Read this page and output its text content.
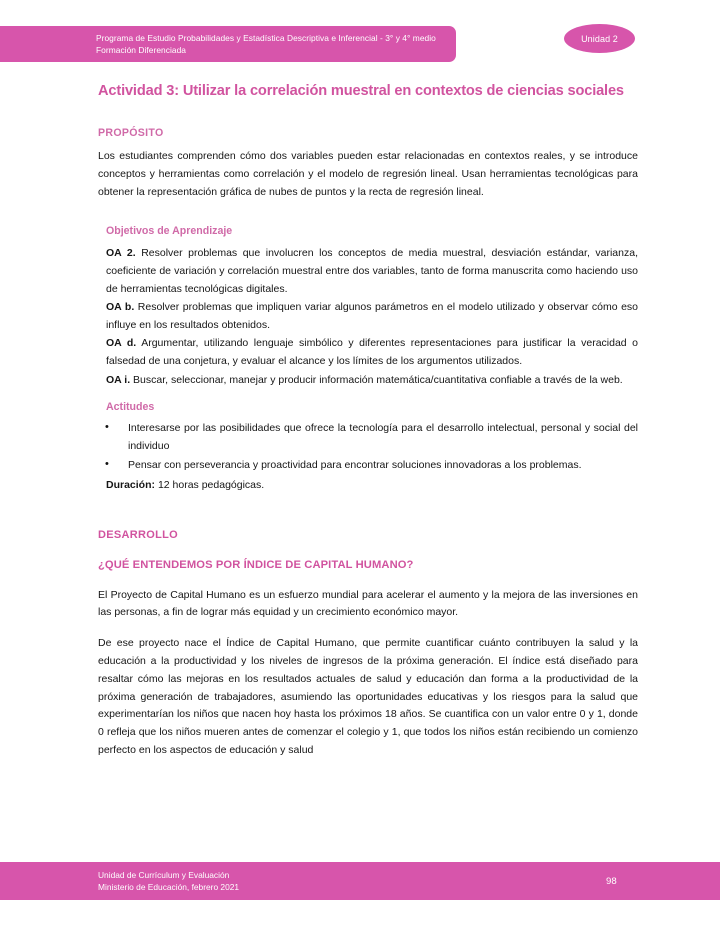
Programa de Estudio Probabilidades y Estadística Descriptiva e Inferencial - 3° y 4° medio
Formación Diferenciada
Unidad 2
Actividad 3: Utilizar la correlación muestral en contextos de ciencias sociales
PROPÓSITO

Los estudiantes comprenden cómo dos variables pueden estar relacionadas en contextos reales, y se introduce conceptos y herramientas como correlación y el modelo de regresión lineal. Usan herramientas tecnológicas para obtener la representación gráfica de nubes de puntos y la recta de regresión lineal.

Objetivos de Aprendizaje

OA 2. Resolver problemas que involucren los conceptos de media muestral, desviación estándar, varianza, coeficiente de variación y correlación muestral entre dos variables, tanto de forma manuscrita como haciendo uso de herramientas tecnológicas digitales.

OA b. Resolver problemas que impliquen variar algunos parámetros en el modelo utilizado y observar cómo eso influye en los resultados obtenidos.

OA d. Argumentar, utilizando lenguaje simbólico y diferentes representaciones para justificar la veracidad o falsedad de una conjetura, y evaluar el alcance y los límites de los argumentos utilizados.

OA i. Buscar, seleccionar, manejar y producir información matemática/cuantitativa confiable a través de la web.

Actitudes
• Interesarse por las posibilidades que ofrece la tecnología para el desarrollo intelectual, personal y social del individuo
• Pensar con perseverancia y proactividad para encontrar soluciones innovadoras a los problemas.

Duración: 12 horas pedagógicas.

DESARROLLO
¿QUÉ ENTENDEMOS POR ÍNDICE DE CAPITAL HUMANO?

El Proyecto de Capital Humano es un esfuerzo mundial para acelerar el aumento y la mejora de las inversiones en las personas, a fin de lograr más equidad y un crecimiento económico mayor.

De ese proyecto nace el Índice de Capital Humano, que permite cuantificar cuánto contribuyen la salud y la educación a la productividad y los niveles de ingresos de la próxima generación. El índice está diseñado para resaltar cómo las mejoras en los resultados actuales de salud y educación dan forma a la productividad de la próxima generación de trabajadores, asumiendo las oportunidades educativas y los riesgos para la salud que experimentarían los niños que nacen hoy hasta los próximos 18 años. Se cuantifica con un valor entre 0 y 1, donde 0 refleja que los niños mueren antes de comenzar el colegio y 1, que todos los niños están recibiendo un comienzo perfecto en los aspectos de educación y salud

Unidad de Currículum y Evaluación
Ministerio de Educación, febrero 2021
98
